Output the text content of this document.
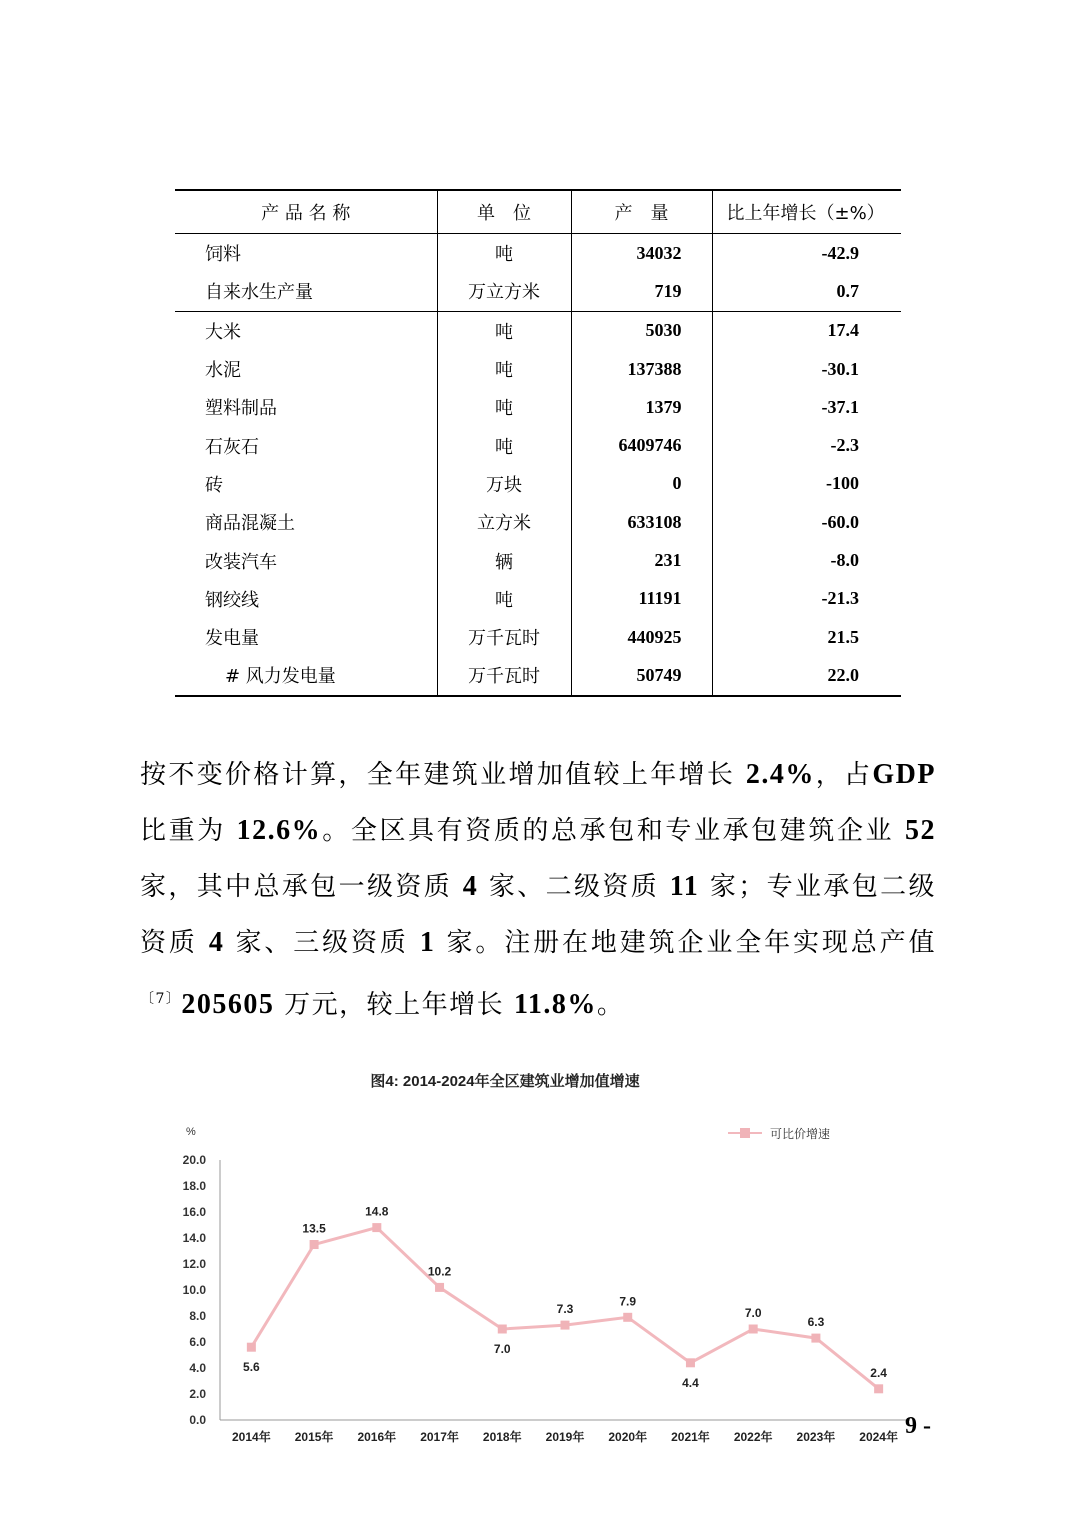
产 品 名 称	单　位	产　量	比上年增长（±%）
饲料	吨	34032	-42.9
自来水生产量	万立方米	719	0.7
大米	吨	5030	17.4
水泥	吨	137388	-30.1
塑料制品	吨	1379	-37.1
石灰石	吨	6409746	-2.3
砖	万块	0	-100
商品混凝土	立方米	633108	-60.0
改装汽车	辆	231	-8.0
钢绞线	吨	11191	-21.3
发电量	万千瓦时	440925	21.5
# 风力发电量	万千瓦时	50749	22.0

按不变价格计算，全年建筑业增加值较上年增长 2.4%，占GDP 比重为 12.6%。全区具有资质的总承包和专业承包建筑企业 52 家，其中总承包一级资质 4 家、二级资质 11 家；专业承包二级资质 4 家、三级资质 1 家。注册在地建筑企业全年实现总产值$^{〔7〕}$205605 万元，较上年增长 11.8%。

图4: 2014-2024年全区建筑业增加值增速
%	可比价增速
0.0
2.0
4.0
6.0
8.0
10.0
12.0
14.0
16.0
18.0
20.0
2014年 2015年 2016年 2017年 2018年 2019年 2020年 2021年 2022年 2023年 2024年
5.6
13.5
14.8
10.2
7.0
7.3
7.9
4.4
7.0
6.3
2.4
9 -
